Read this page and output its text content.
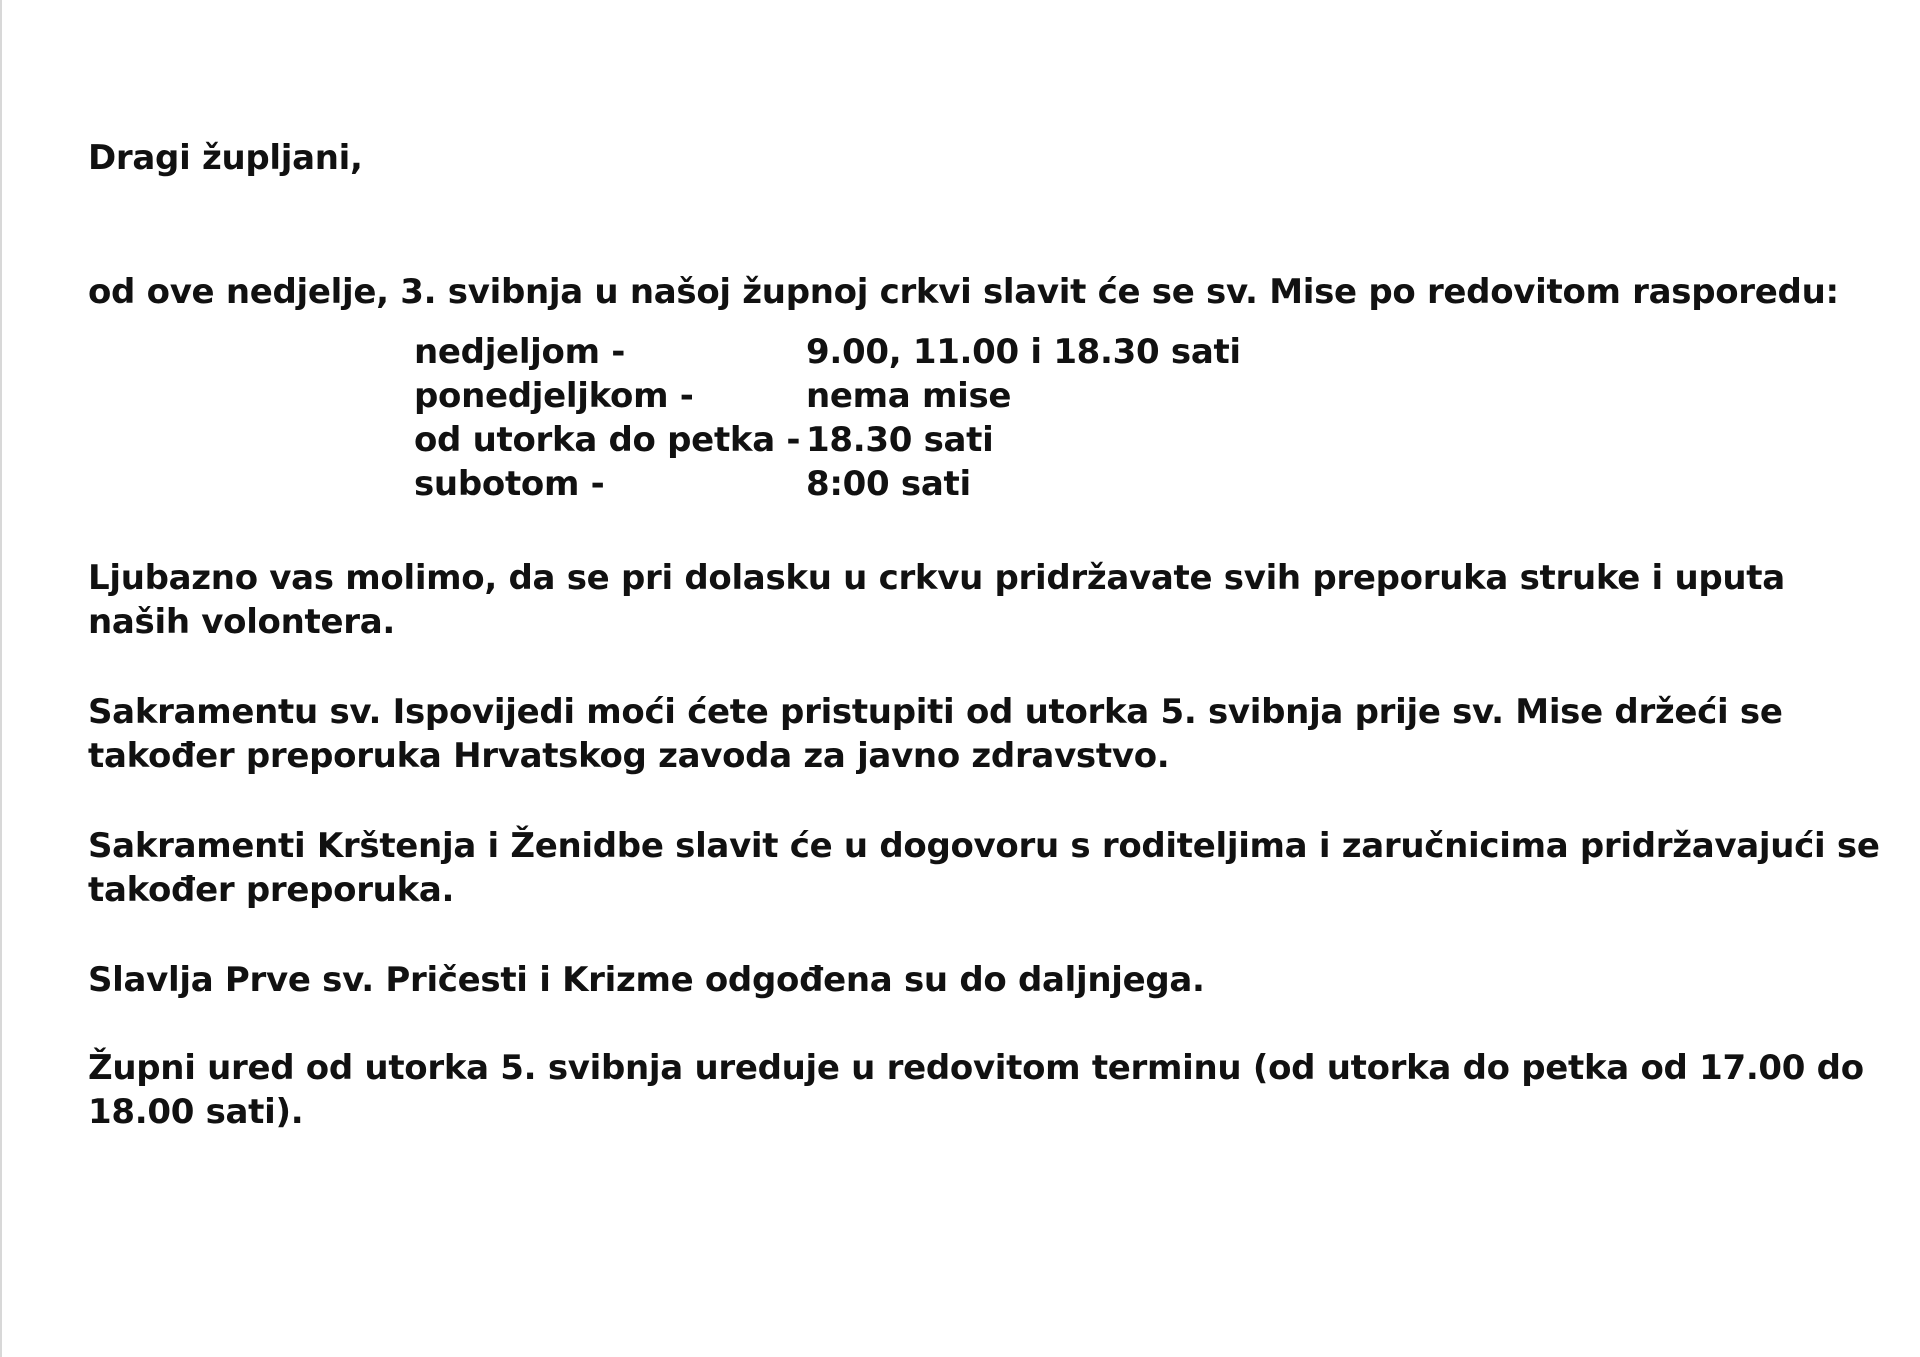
Dragi župljani,

od ove nedjelje, 3. svibnja u našoj župnoj crkvi slavit će se sv. Mise po redovitom rasporedu:

nedjeljom -	9.00, 11.00 i 18.30 sati
ponedjeljkom -	nema mise
od utorka do petka - 18.30 sati
subotom -	8:00 sati
Ljubazno vas molimo, da se pri dolasku u crkvu pridržavate svih preporuka struke i uputa
naših volontera.
Sakramentu sv. Ispovijedi moći ćete pristupiti od utorka 5. svibnja prije sv. Mise držeći se
također preporuka Hrvatskog zavoda za javno zdravstvo.
Sakramenti Krštenja i Ženidbe slavit će u dogovoru s roditeljima i zaručnicima pridržavajući se
također preporuka.
Slavlja Prve sv. Pričesti i Krizme odgođena su do daljnjega.
Župni ured od utorka 5. svibnja ureduje u redovitom terminu (od utorka do petka od 17.00 do
18.00 sati).
